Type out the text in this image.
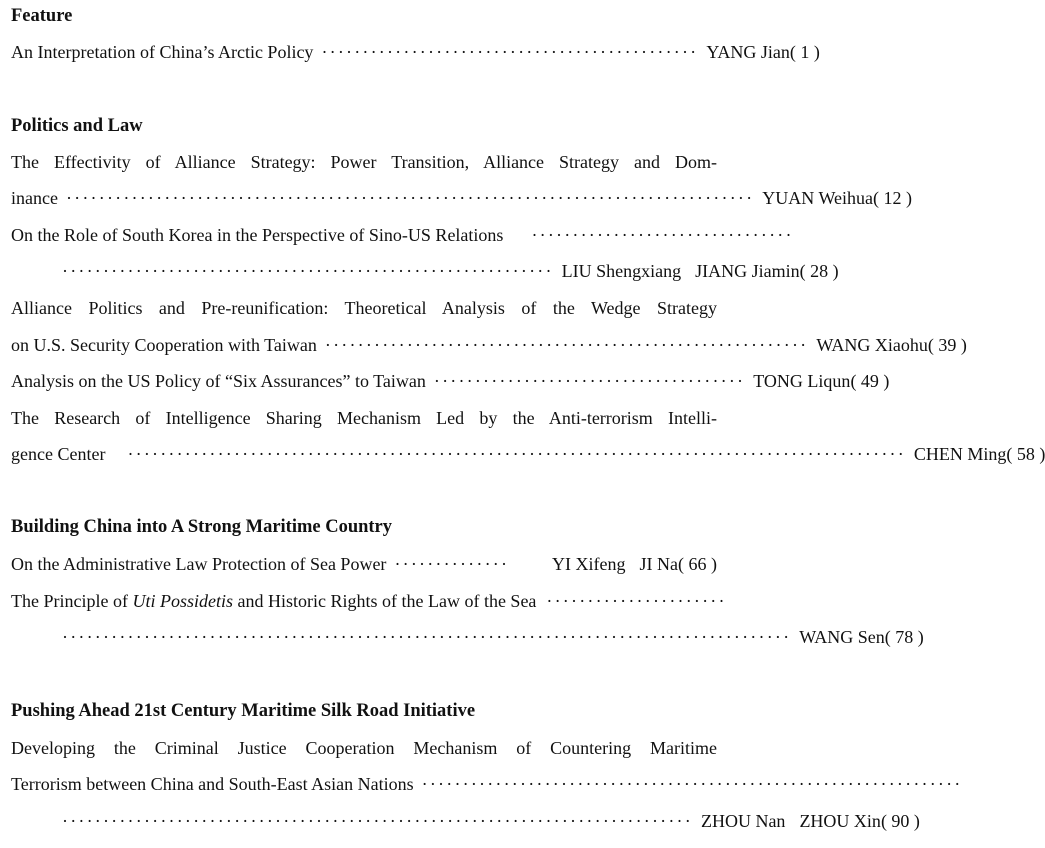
Feature
An Interpretation of China’s Arctic Policy ·············································· YANG Jian ( 1 )
Politics and Law
The Effectivity of Alliance Strategy: Power Transition, Alliance Strategy and Dom-
inance ···················································································· YUAN Weihua ( 12 )
On the Role of South Korea in the Perspective of Sino-US Relations ································
···························································· LIU Shengxiang JIANG Jiamin ( 28 )
Alliance Politics and Pre-reunification: Theoretical Analysis of the Wedge Strategy
on U.S. Security Cooperation with Taiwan ··························································· WANG Xiaohu ( 39 )
Analysis on the US Policy of “Six Assurances” to Taiwan ······································ TONG Liqun ( 49 )
The Research of Intelligence Sharing Mechanism Led by the Anti-terrorism Intelli-
gence Center ······························································································· CHEN Ming ( 58 )
Building China into A Strong Maritime Country
On the Administrative Law Protection of Sea Power ··············	YI Xifeng JI Na ( 66 )
The Principle of Uti Possidetis and Historic Rights of the Law of the Sea ······················
························································································· WANG Sen ( 78 )
Pushing Ahead 21st Century Maritime Silk Road Initiative
Developing the Criminal Justice Cooperation Mechanism of Countering Maritime
Terrorism between China and South-East Asian Nations ··································································
············································································· ZHOU Nan ZHOU Xin ( 90 )
